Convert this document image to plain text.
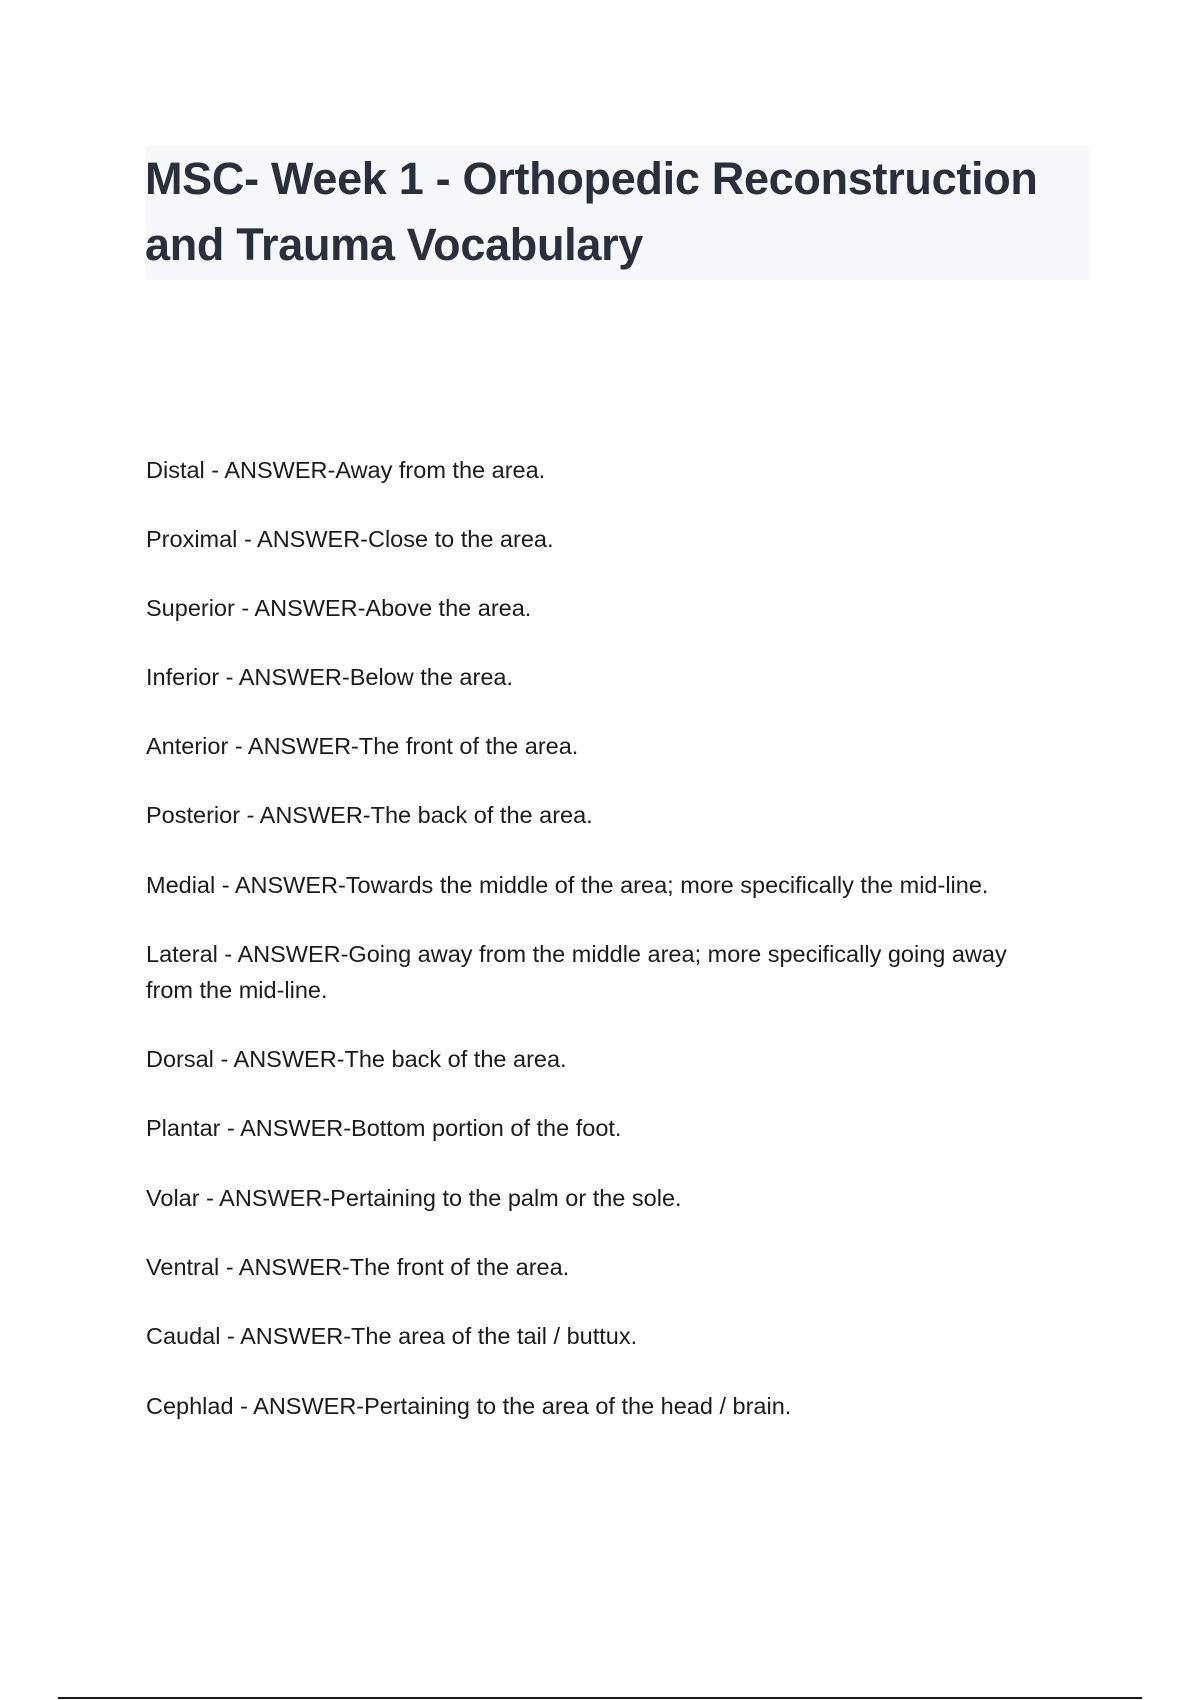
MSC- Week 1 - Orthopedic Reconstruction and Trauma Vocabulary

Distal - ANSWER-Away from the area.

Proximal - ANSWER-Close to the area.

Superior - ANSWER-Above the area.

Inferior - ANSWER-Below the area.

Anterior - ANSWER-The front of the area.

Posterior - ANSWER-The back of the area.

Medial - ANSWER-Towards the middle of the area; more specifically the mid-line.

Lateral - ANSWER-Going away from the middle area; more specifically going away from the mid-line.

Dorsal - ANSWER-The back of the area.

Plantar - ANSWER-Bottom portion of the foot.

Volar - ANSWER-Pertaining to the palm or the sole.

Ventral - ANSWER-The front of the area.

Caudal - ANSWER-The area of the tail / buttux.

Cephlad - ANSWER-Pertaining to the area of the head / brain.
